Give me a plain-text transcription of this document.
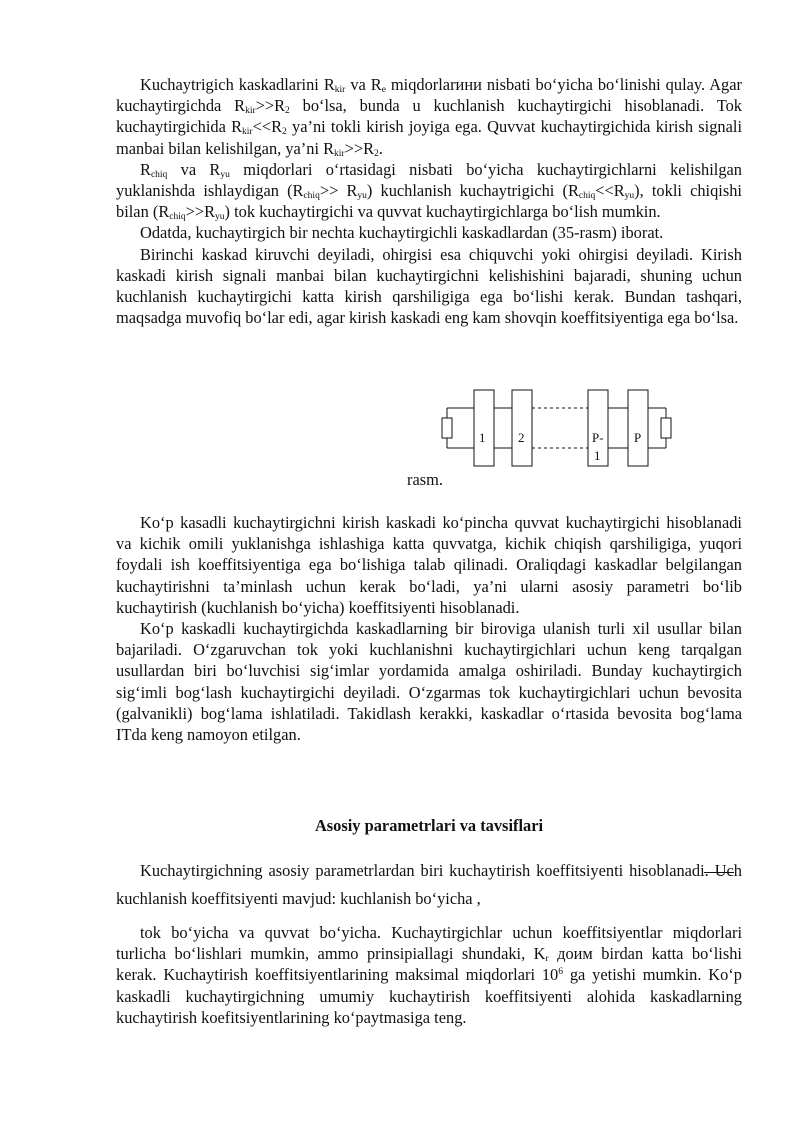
Kuchaytrigich kaskadlarini $R_{kir}$ va $R_e$ miqdorlarини nisbati bo‘yicha bo‘linishi qulay. Agar kuchaytirgichda $R_{kir}>>R_2$ bo‘lsa, bunda u kuchlanish kuchaytirgichi hisoblanadi. Tok kuchaytirgichida $R_{kir}<<R_2$ ya’ni tokli kirish joyiga ega. Quvvat kuchaytirgichida kirish signali manbai bilan kelishilgan, ya’ni $R_{kir}>>R_2$.

$R_{chiq}$ va $R_{yu}$ miqdorlari o‘rtasidagi nisbati bo‘yicha kuchaytirgichlarni kelishilgan yuklanishda ishlaydigan $(R_{chiq}>> R_{yu})$ kuchlanish kuchaytrigichi $(R_{chiq}<<R_{yu})$, tokli chiqishi bilan $(R_{chiq}>>R_{yu})$ tok kuchaytirgichi va quvvat kuchaytirgichlarga bo‘lish mumkin.

Odatda, kuchaytirgich bir nechta kuchaytirgichli kaskadlardan (35-rasm) iborat.

Birinchi kaskad kiruvchi deyiladi, ohirgisi esa chiquvchi yoki ohirgisi deyiladi. Kirish kaskadi kirish signali manbai bilan kuchaytirgichni kelishishini bajaradi, shuning uchun kuchlanish kuchaytirgichi katta kirish qarshiligiga ega bo‘lishi kerak. Bundan tashqari, maqsadga muvofiq bo‘lar edi, agar kirish kaskadi eng kam shovqin koeffitsiyentiga ega bo‘lsa.

1	2	P-
1
P
rasm.

Ko‘p kasadli kuchaytirgichni kirish kaskadi ko‘pincha quvvat kuchaytirgichi hisoblanadi va kichik omili yuklanishga ishlashiga katta quvvatga, kichik chiqish qarshiligiga, yuqori foydali ish koeffitsiyentiga ega bo‘lishiga talab qilinadi. Oraliqdagi kaskadlar belgilangan kuchaytirishni ta’minlash uchun kerak bo‘ladi, ya’ni ularni asosiy parametri bo‘lib kuchaytirish (kuchlanish bo‘yicha) koeffitsiyenti hisoblanadi.

Ko‘p kaskadli kuchaytirgichda kaskadlarning bir biroviga ulanish turli xil usullar bilan bajariladi. O‘zgaruvchan tok yoki kuchlanishni kuchaytirgichlari uchun keng tarqalgan usullardan biri bo‘luvchisi sig‘imlar yordamida amalga oshiriladi. Bunday kuchaytirgich sig‘imli bog‘lash kuchaytirgichi deyiladi. O‘zgarmas tok kuchaytirgichlari uchun bevosita (galvanikli) bog‘lama ishlatiladi. Takidlash kerakki, kaskadlar o‘rtasida bevosita bog‘lama ITda keng namoyon etilgan.

Asosiy parametrlari va tavsiflari

Kuchaytirgichning asosiy parametrlardan biri kuchaytirish koeffitsiyenti hisoblanadi. Uch kuchlanish koeffitsiyenti mavjud: kuchlanish bo‘yicha ,

tok bo‘yicha va quvvat bo‘yicha. Kuchaytirgichlar uchun koeffitsiyentlar miqdorlari turlicha bo‘lishlari mumkin, ammo prinsipiallagi shundaki, $K_r$ доим birdan katta bo‘lishi kerak. Kuchaytirish koeffitsiyentlarining maksimal miqdorlari $10^6$ ga yetishi mumkin. Ko‘p kaskadli kuchaytirgichning umumiy kuchaytirish koeffitsiyenti alohida kaskadlarning kuchaytirish koefitsiyentlarining ko‘paytmasiga teng.
